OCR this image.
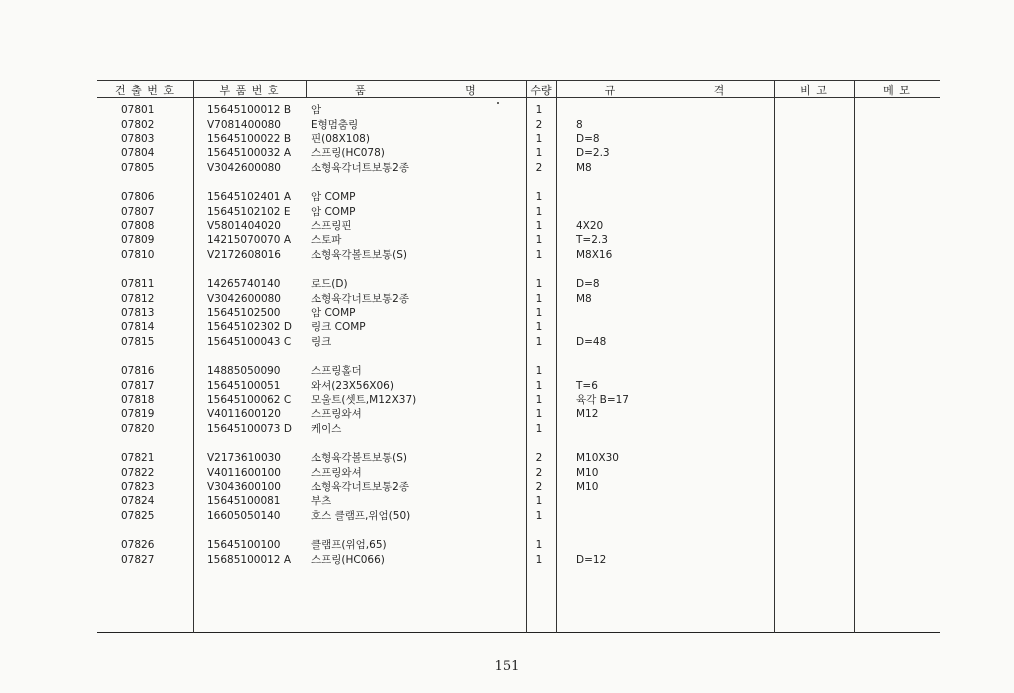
건 출 번 호	부 품 번 호	품	명	수량	규	격	비 고	메 모
07801	15645100012 B	암	1
07802	V7081400080	E형멈춤링	2	8
07803	15645100022 B	핀(08X108)	1	D=8
07804	15645100032 A	스프링(HC078)	1	D=2.3
07805	V3042600080	소형육각너트보통2종	2	M8
07806	15645102401 A	암 COMP	1
07807	15645102102 E	암 COMP	1
07808	V5801404020	스프링핀	1	4X20
07809	14215070070 A	스토파	1	T=2.3
07810	V2172608016	소형육각볼트보통(S)	1	M8X16
07811	14265740140	로드(D)	1	D=8
07812	V3042600080	소형육각너트보통2종	1	M8
07813	15645102500	암 COMP	1
07814	15645102302 D	링크 COMP	1
07815	15645100043 C	링크	1	D=48
07816	14885050090	스프링홀더	1
07817	15645100051	와셔(23X56X06)	1	T=6
07818	15645100062 C	모울트(셋트,M12X37)	1	육각 B=17
07819	V4011600120	스프링와셔	1	M12
07820	15645100073 D	케이스	1
07821	V2173610030	소형육각볼트보통(S)	2	M10X30
07822	V4011600100	스프링와셔	2	M10
07823	V3043600100	소형육각너트보통2종	2	M10
07824	15645100081	부츠	1
07825	16605050140	호스 클램프,위엄(50)	1
07826	15645100100	클램프(위엄,65)	1
07827	15685100012 A	스프링(HC066)	1	D=12
151
